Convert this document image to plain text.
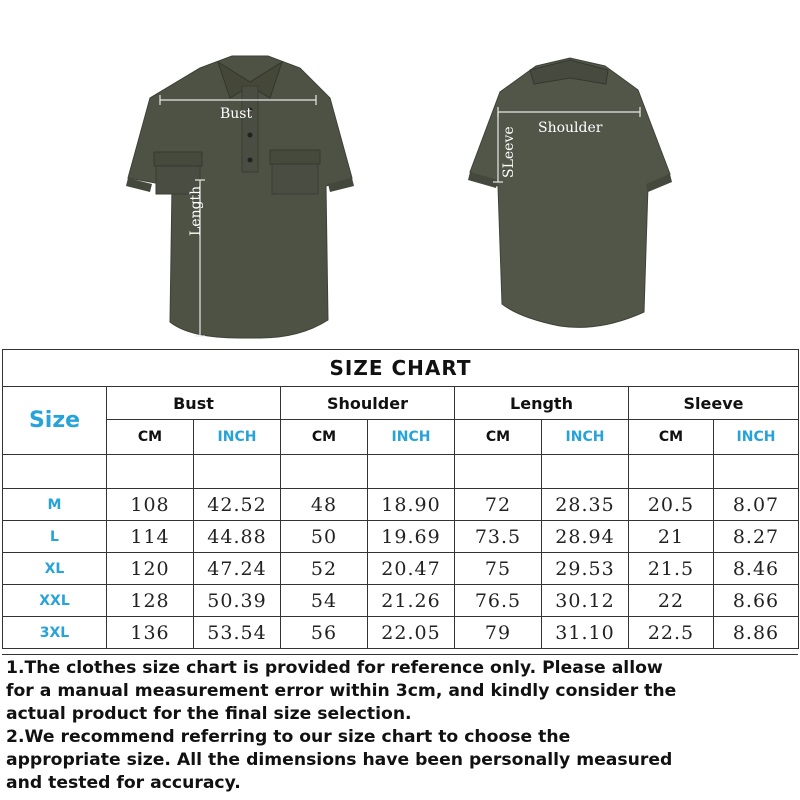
Bust
Length
Shoulder
SLeeve
SIZE CHART								
Size	Bust		Shoulder		Length		Sleeve	
	CM	INCH	CM	INCH	CM	INCH	CM	INCH

M	108	42.52	48	18.90	72	28.35	20.5	8.07
L	114	44.88	50	19.69	73.5	28.94	21	8.27
XL	120	47.24	52	20.47	75	29.53	21.5	8.46
XXL	128	50.39	54	21.26	76.5	30.12	22	8.66
3XL	136	53.54	56	22.05	79	31.10	22.5	8.86

1.The clothes size chart is provided for reference only. Please allow

for a manual measurement error within 3cm, and kindly consider the

actual product for the final size selection.

2.We recommend referring to our size chart to choose the

appropriate size. All the dimensions have been personally measured

and tested for accuracy.
